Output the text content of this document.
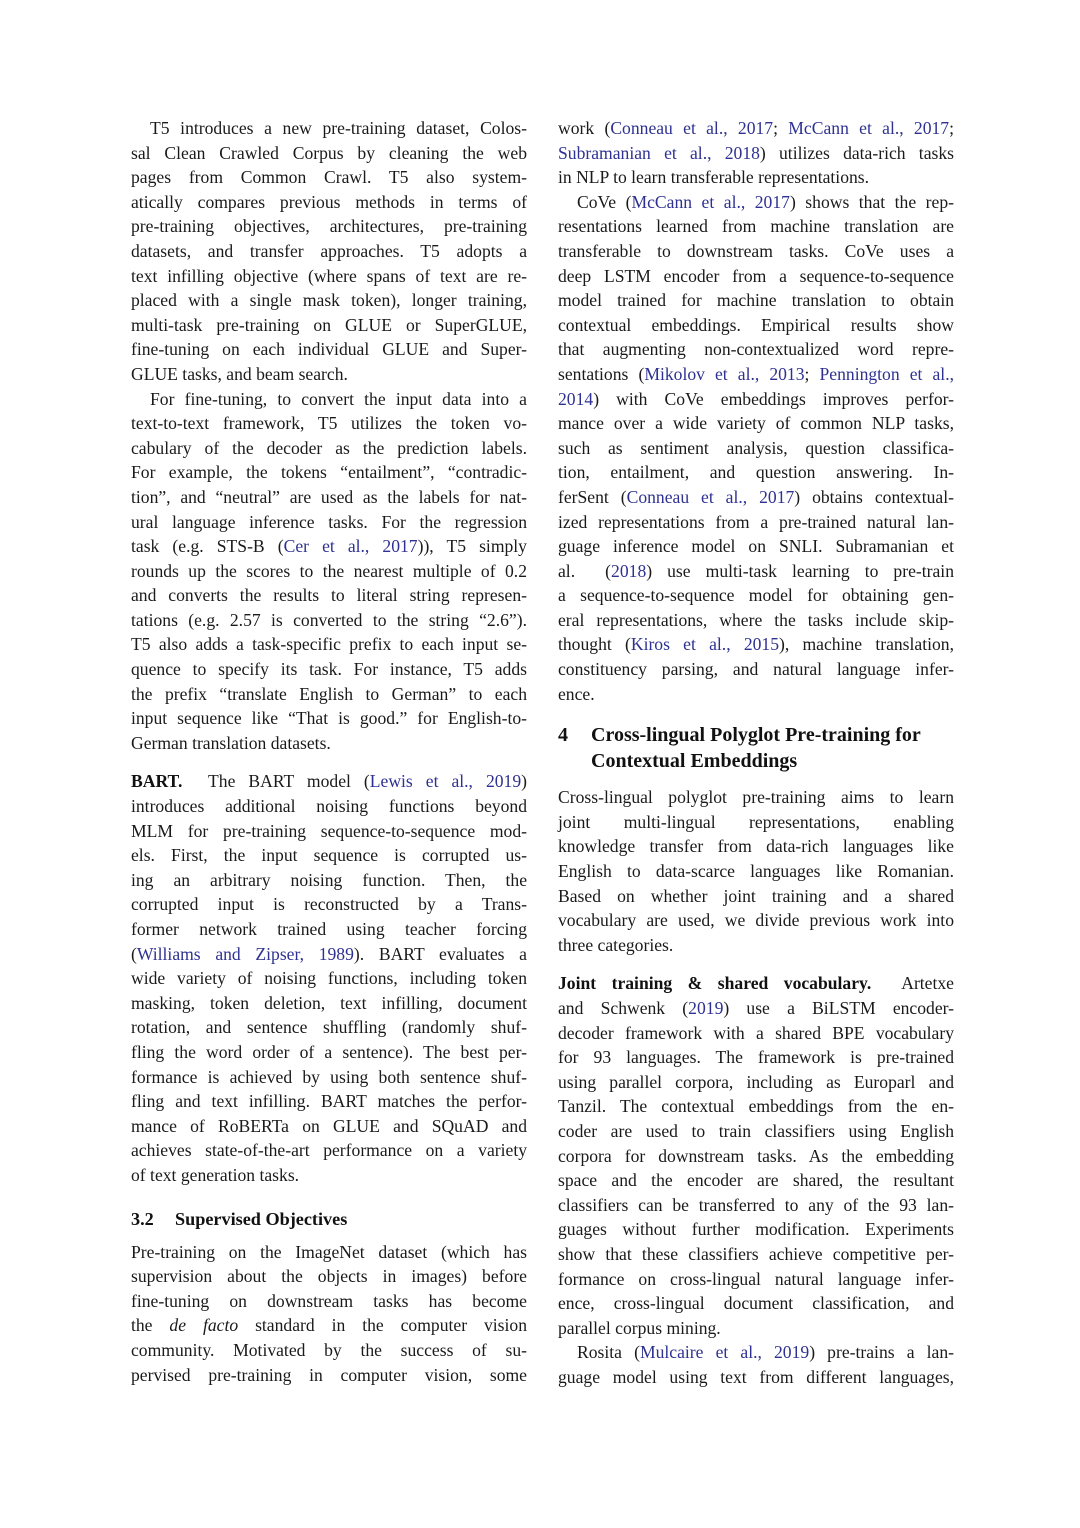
T5 introduces a new pre-training dataset, Colos-
sal Clean Crawled Corpus by cleaning the web
pages from Common Crawl. T5 also system-
atically compares previous methods in terms of
pre-training objectives, architectures, pre-training
datasets, and transfer approaches. T5 adopts a
text infilling objective (where spans of text are re-
placed with a single mask token), longer training,
multi-task pre-training on GLUE or SuperGLUE,
fine-tuning on each individual GLUE and Super-
GLUE tasks, and beam search.
For fine-tuning, to convert the input data into a
text-to-text framework, T5 utilizes the token vo-
cabulary of the decoder as the prediction labels.
For example, the tokens “entailment”, “contradic-
tion”, and “neutral” are used as the labels for nat-
ural language inference tasks. For the regression
task (e.g. STS-B (Cer et al., 2017)), T5 simply
rounds up the scores to the nearest multiple of 0.2
and converts the results to literal string represen-
tations (e.g. 2.57 is converted to the string “2.6”).
T5 also adds a task-specific prefix to each input se-
quence to specify its task. For instance, T5 adds
the prefix “translate English to German” to each
input sequence like “That is good.” for English-to-
German translation datasets.
BART.  The BART model (Lewis et al., 2019)
introduces additional noising functions beyond
MLM for pre-training sequence-to-sequence mod-
els. First, the input sequence is corrupted us-
ing an arbitrary noising function. Then, the
corrupted input is reconstructed by a Trans-
former network trained using teacher forcing
(Williams and Zipser, 1989). BART evaluates a
wide variety of noising functions, including token
masking, token deletion, text infilling, document
rotation, and sentence shuffling (randomly shuf-
fling the word order of a sentence). The best per-
formance is achieved by using both sentence shuf-
fling and text infilling. BART matches the perfor-
mance of RoBERTa on GLUE and SQuAD and
achieves state-of-the-art performance on a variety
of text generation tasks.
3.2 Supervised Objectives
Pre-training on the ImageNet dataset (which has
supervision about the objects in images) before
fine-tuning on downstream tasks has become
the de facto standard in the computer vision
community. Motivated by the success of su-
pervised pre-training in computer vision, some
work (Conneau et al., 2017; McCann et al., 2017;
Subramanian et al., 2018) utilizes data-rich tasks
in NLP to learn transferable representations.
CoVe (McCann et al., 2017) shows that the rep-
resentations learned from machine translation are
transferable to downstream tasks. CoVe uses a
deep LSTM encoder from a sequence-to-sequence
model trained for machine translation to obtain
contextual embeddings. Empirical results show
that augmenting non-contextualized word repre-
sentations (Mikolov et al., 2013; Pennington et al.,
2014) with CoVe embeddings improves perfor-
mance over a wide variety of common NLP tasks,
such as sentiment analysis, question classifica-
tion, entailment, and question answering. In-
ferSent (Conneau et al., 2017) obtains contextual-
ized representations from a pre-trained natural lan-
guage inference model on SNLI. Subramanian et
al.  (2018) use multi-task learning to pre-train
a sequence-to-sequence model for obtaining gen-
eral representations, where the tasks include skip-
thought (Kiros et al., 2015), machine translation,
constituency parsing, and natural language infer-
ence.
4 Cross-lingual Polyglot Pre-training for
Contextual Embeddings
Cross-lingual polyglot pre-training aims to learn
joint multi-lingual representations, enabling
knowledge transfer from data-rich languages like
English to data-scarce languages like Romanian.
Based on whether joint training and a shared
vocabulary are used, we divide previous work into
three categories.
Joint training & shared vocabulary.  Artetxe
and Schwenk (2019) use a BiLSTM encoder-
decoder framework with a shared BPE vocabulary
for 93 languages. The framework is pre-trained
using parallel corpora, including as Europarl and
Tanzil. The contextual embeddings from the en-
coder are used to train classifiers using English
corpora for downstream tasks. As the embedding
space and the encoder are shared, the resultant
classifiers can be transferred to any of the 93 lan-
guages without further modification. Experiments
show that these classifiers achieve competitive per-
formance on cross-lingual natural language infer-
ence, cross-lingual document classification, and
parallel corpus mining.
Rosita (Mulcaire et al., 2019) pre-trains a lan-
guage model using text from different languages,
